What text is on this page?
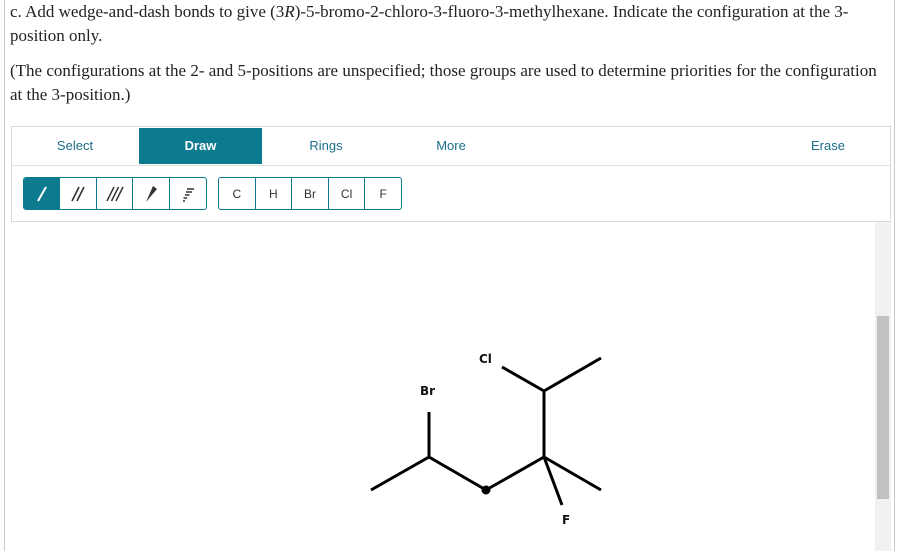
c. Add wedge-and-dash bonds to give (3R)-5-bromo-2-chloro-3-fluoro-3-methylhexane. Indicate the configuration at the 3-position only.

(The configurations at the 2- and 5-positions are unspecified; those groups are used to determine priorities for the configuration at the 3-position.)

Select	Draw	Rings	More	Erase
C	H	Br	Cl	F
Br
Cl
F
